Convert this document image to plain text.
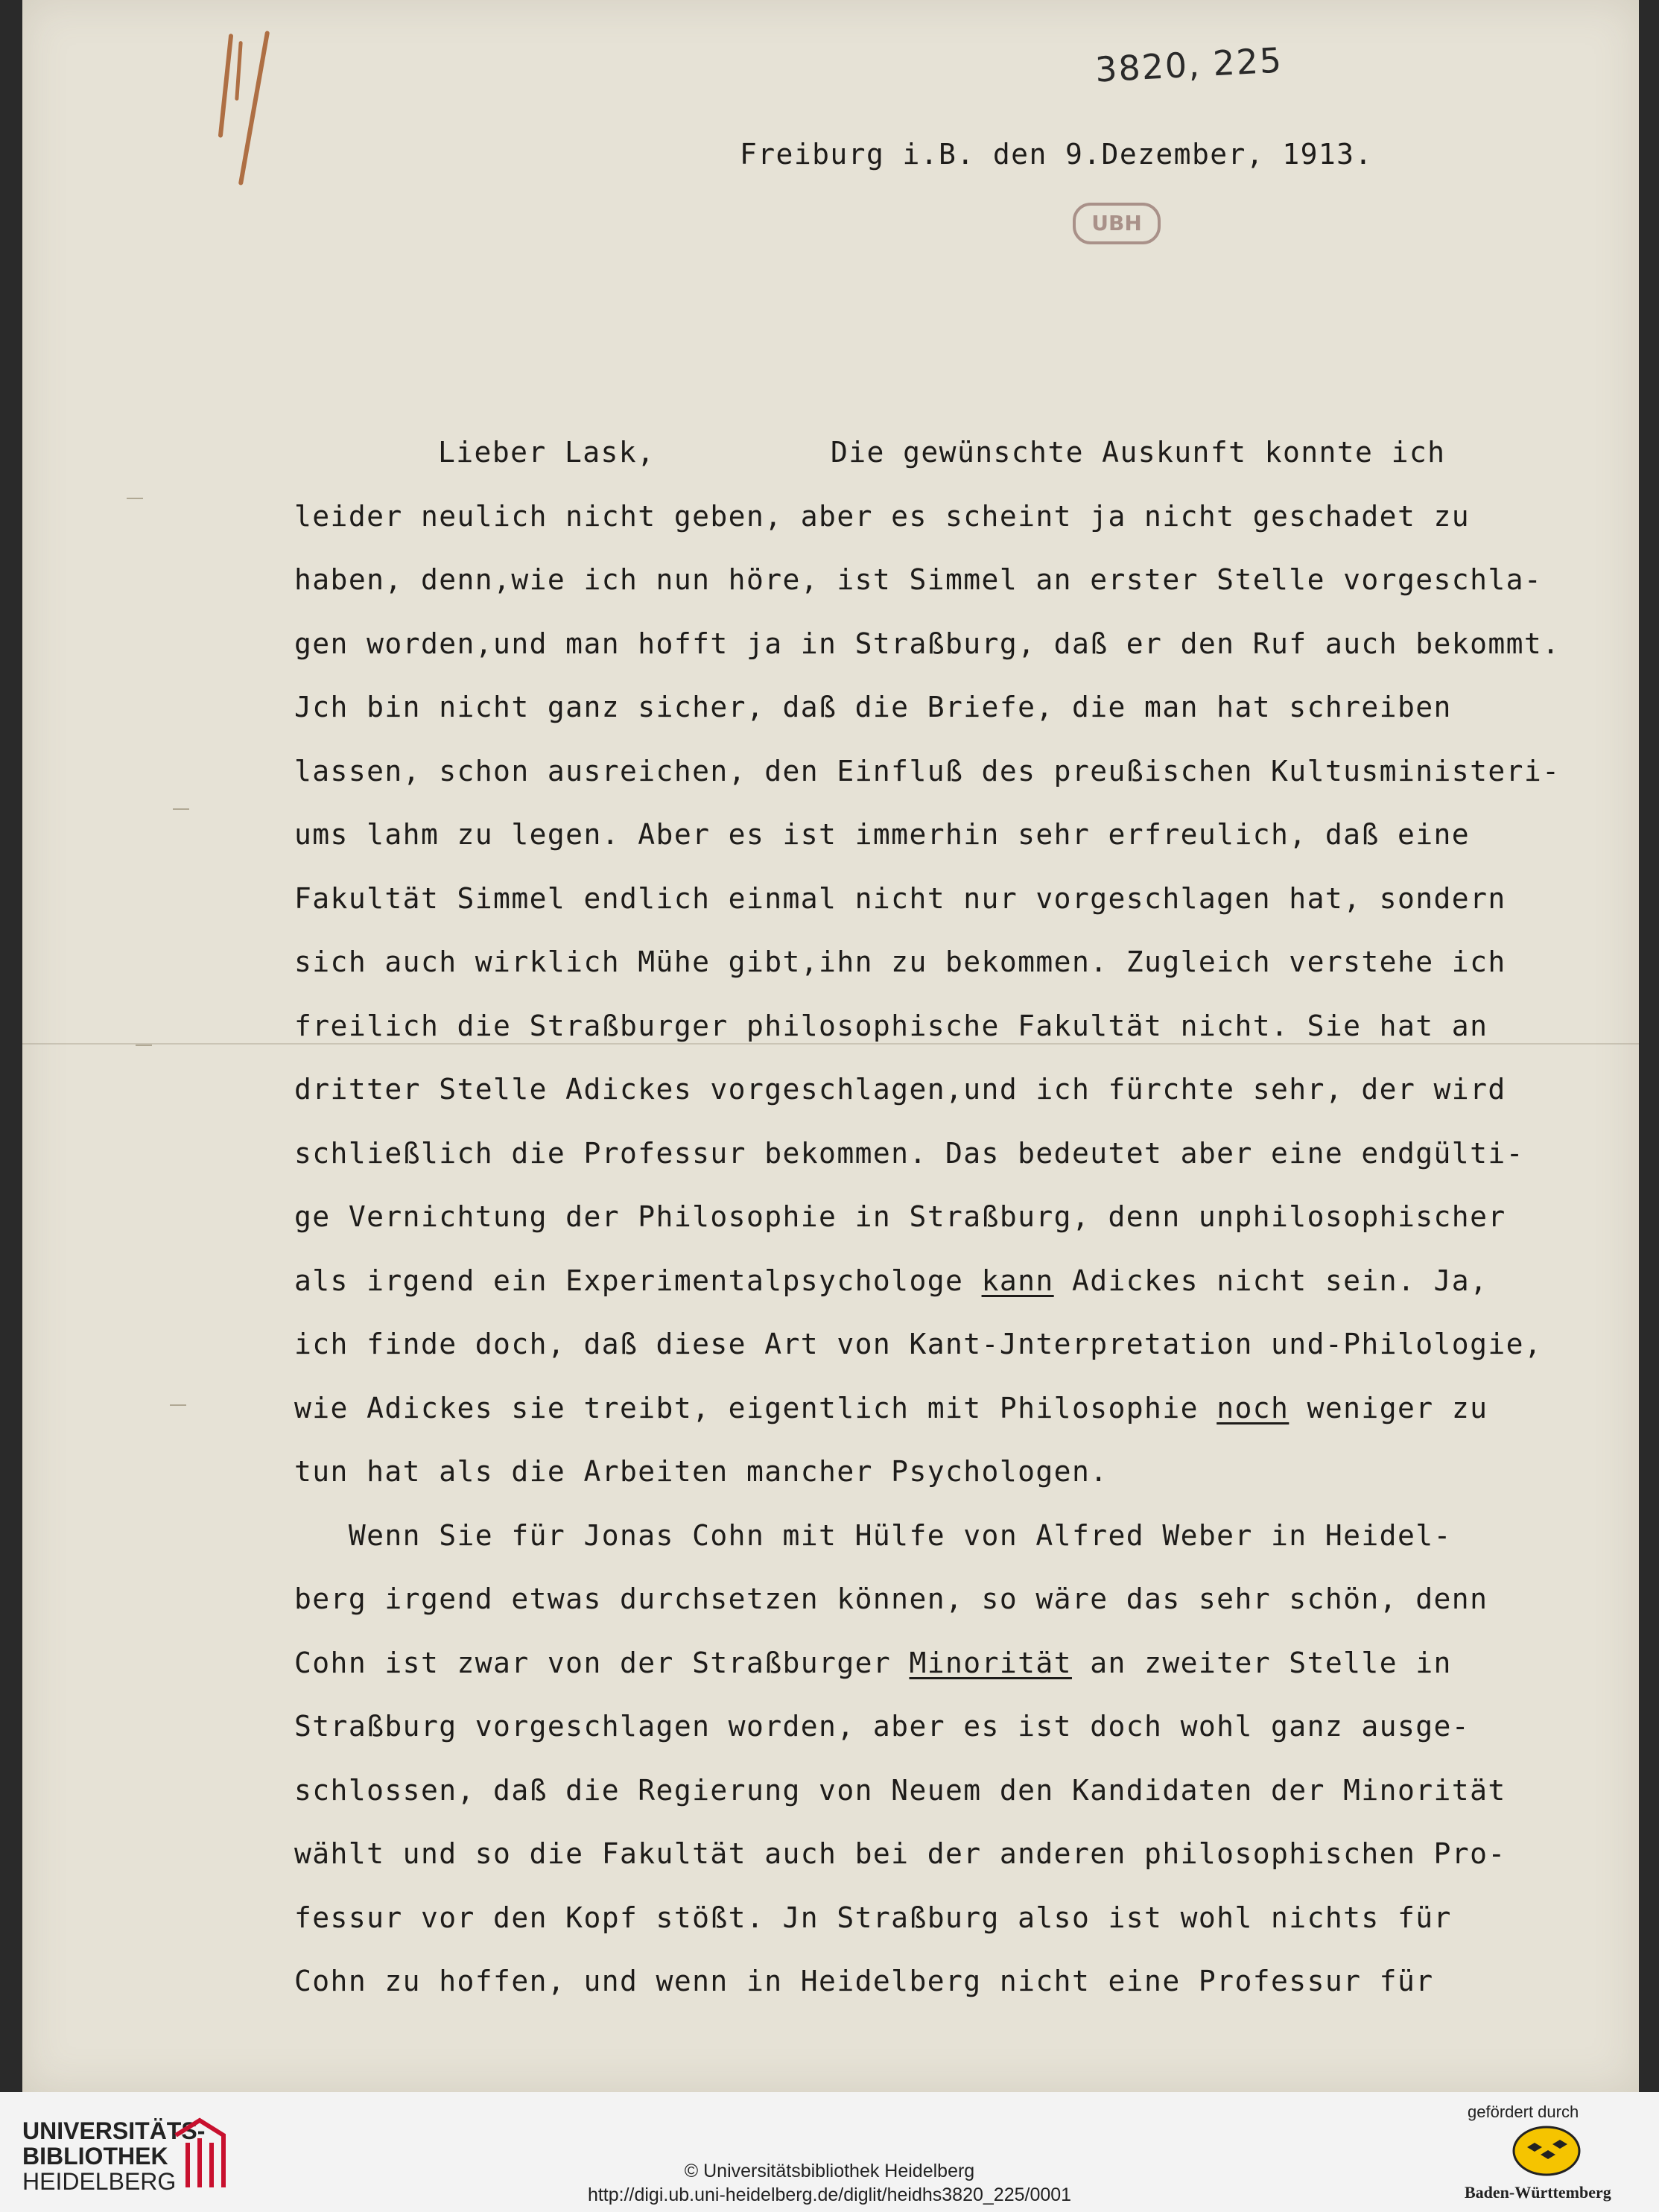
3820, 225
UBH
Freiburg i.B. den 9.Dezember, 1913.
Lieber Lask,	Die gewünschte Auskunft konnte ich
leider neulich nicht geben, aber es scheint ja nicht geschadet zu
haben, denn,wie ich nun höre, ist Simmel an erster Stelle vorgeschla-
gen worden,und man hofft ja in Straßburg, daß er den Ruf auch bekommt.
Jch bin nicht ganz sicher, daß die Briefe, die man hat schreiben
lassen, schon ausreichen, den Einfluß des preußischen Kultusministeri-
ums lahm zu legen. Aber es ist immerhin sehr erfreulich, daß eine
Fakultät Simmel endlich einmal nicht nur vorgeschlagen hat, sondern
sich auch wirklich Mühe gibt,ihn zu bekommen. Zugleich verstehe ich
freilich die Straßburger philosophische Fakultät nicht. Sie hat an
dritter Stelle Adickes vorgeschlagen,und ich fürchte sehr, der wird
schließlich die Professur bekommen. Das bedeutet aber eine endgülti-
ge Vernichtung der Philosophie in Straßburg, denn unphilosophischer
als irgend ein Experimentalpsychologe kann Adickes nicht sein. Ja,
ich finde doch, daß diese Art von Kant-Jnterpretation und-Philologie,
wie Adickes sie treibt, eigentlich mit Philosophie noch weniger zu
tun hat als die Arbeiten mancher Psychologen.
Wenn Sie für Jonas Cohn mit Hülfe von Alfred Weber in Heidel-
berg irgend etwas durchsetzen können, so wäre das sehr schön, denn
Cohn ist zwar von der Straßburger Minorität an zweiter Stelle in
Straßburg vorgeschlagen worden, aber es ist doch wohl ganz ausge-
schlossen, daß die Regierung von Neuem den Kandidaten der Minorität
wählt und so die Fakultät auch bei der anderen philosophischen Pro-
fessur vor den Kopf stößt. Jn Straßburg also ist wohl nichts für
Cohn zu hoffen, und wenn in Heidelberg nicht eine Professur für
UNIVERSITÄTS-
BIBLIOTHEK
HEIDELBERG	© Universitätsbibliothek Heidelberg
http://digi.ub.uni-heidelberg.de/diglit/heidhs3820_225/0001
gefördert durch
Baden-Württemberg
